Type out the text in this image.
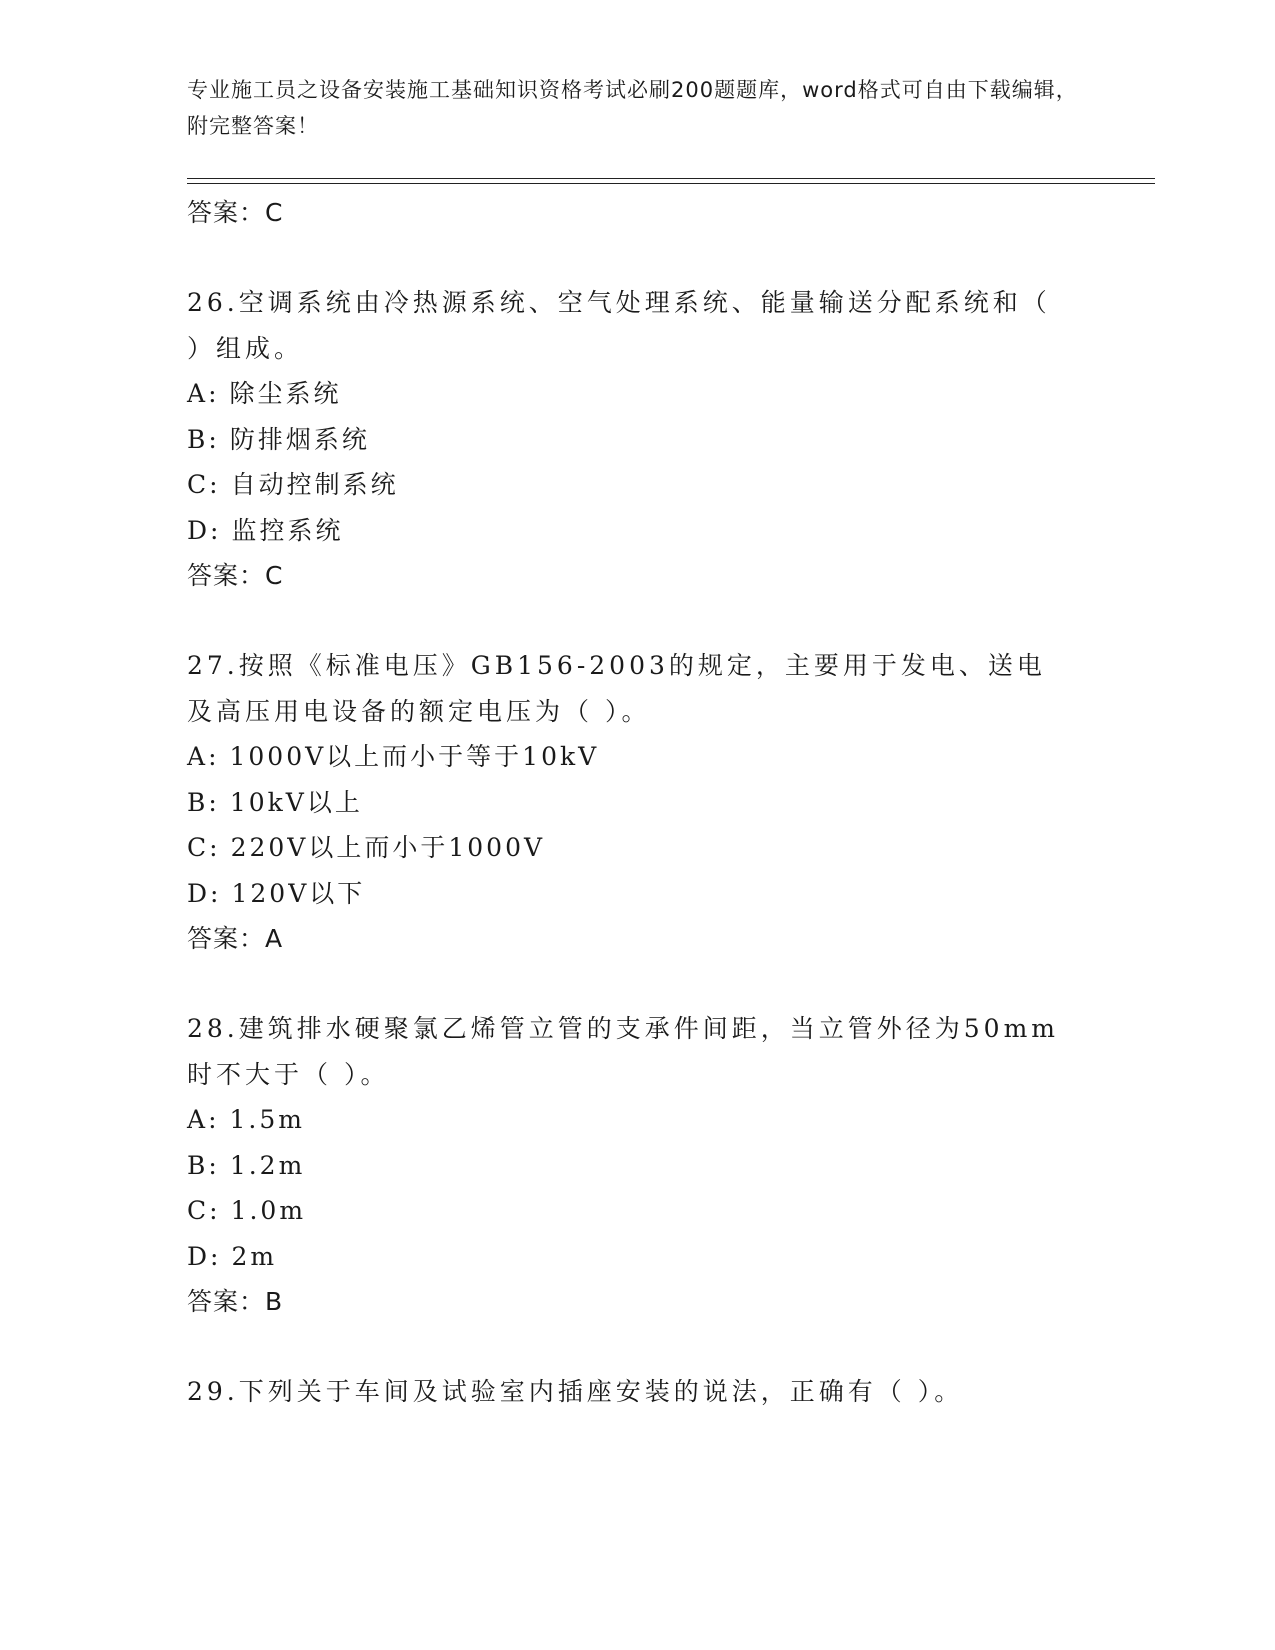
专业施工员之设备安装施工基础知识资格考试必刷200题题库，word格式可自由下载编辑，附完整答案！
答案：C
26.空调系统由冷热源系统、空气处理系统、能量输送分配系统和（ ）组成。
A: 除尘系统
B: 防排烟系统
C: 自动控制系统
D: 监控系统
答案：C
27.按照《标准电压》GB156-2003的规定，主要用于发电、送电及高压用电设备的额定电压为（ ）。
A: 1000V以上而小于等于10kV
B: 10kV以上
C: 220V以上而小于1000V
D: 120V以下
答案：A
28.建筑排水硬聚氯乙烯管立管的支承件间距，当立管外径为50mm时不大于（ ）。
A: 1.5m
B: 1.2m
C: 1.0m
D: 2m
答案：B
29.下列关于车间及试验室内插座安装的说法，正确有（ ）。
